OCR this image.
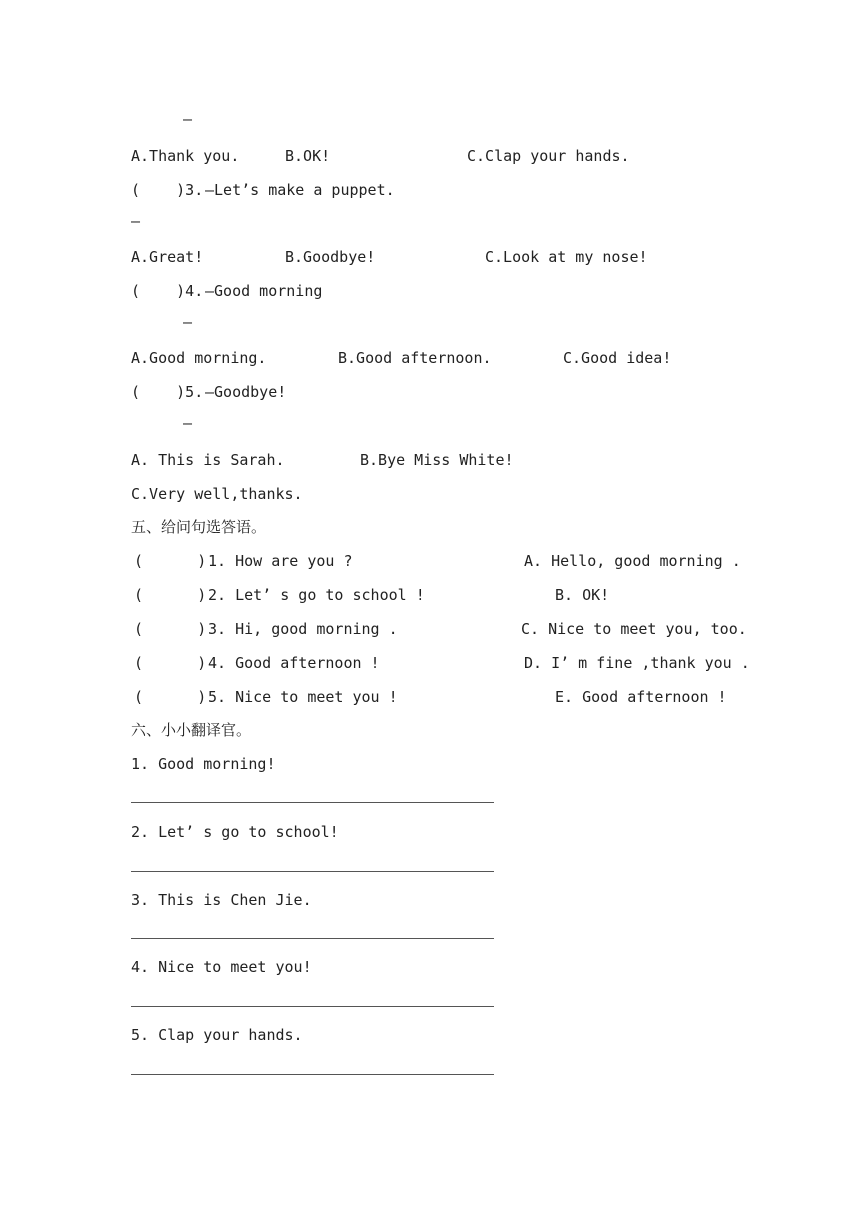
—
A.Thank you.	B.OK!	C.Clap your hands.
(    )3. —Let’s make a puppet.
—
A.Great!	B.Goodbye!	C.Look at my nose!
(    )4. —Good morning
—
A.Good morning.	B.Good afternoon.	C.Good idea!
(    )5. —Goodbye!
—
A. This is Sarah.	B.Bye Miss White!
C.Very well,thanks.
五、给问句选答语。
(      ) 1. How are you ?	A. Hello, good morning .
(      ) 2. Let’ s go to school !	B. OK!
(      ) 3. Hi, good morning .	C. Nice to meet you, too.
(      ) 4. Good afternoon !	D. I’ m fine ,thank you .
(      ) 5. Nice to meet you !	E. Good afternoon !
六、小小翻译官。
1. Good morning!
2. Let’ s go to school!
3. This is Chen Jie.
4. Nice to meet you!
5. Clap your hands.
